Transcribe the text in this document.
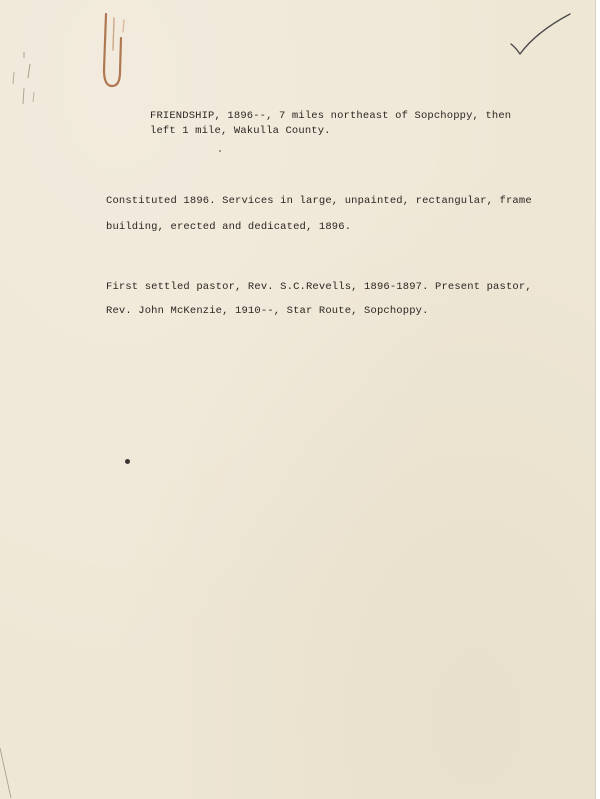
FRIENDSHIP, 1896--, 7 miles northeast of Sopchoppy, then

left 1 mile, Wakulla County.

Constituted 1896. Services in large, unpainted, rectangular, frame

building, erected and dedicated, 1896.

First settled pastor, Rev. S.C.Revells, 1896-1897. Present pastor,

Rev. John McKenzie, 1910--, Star Route, Sopchoppy.
